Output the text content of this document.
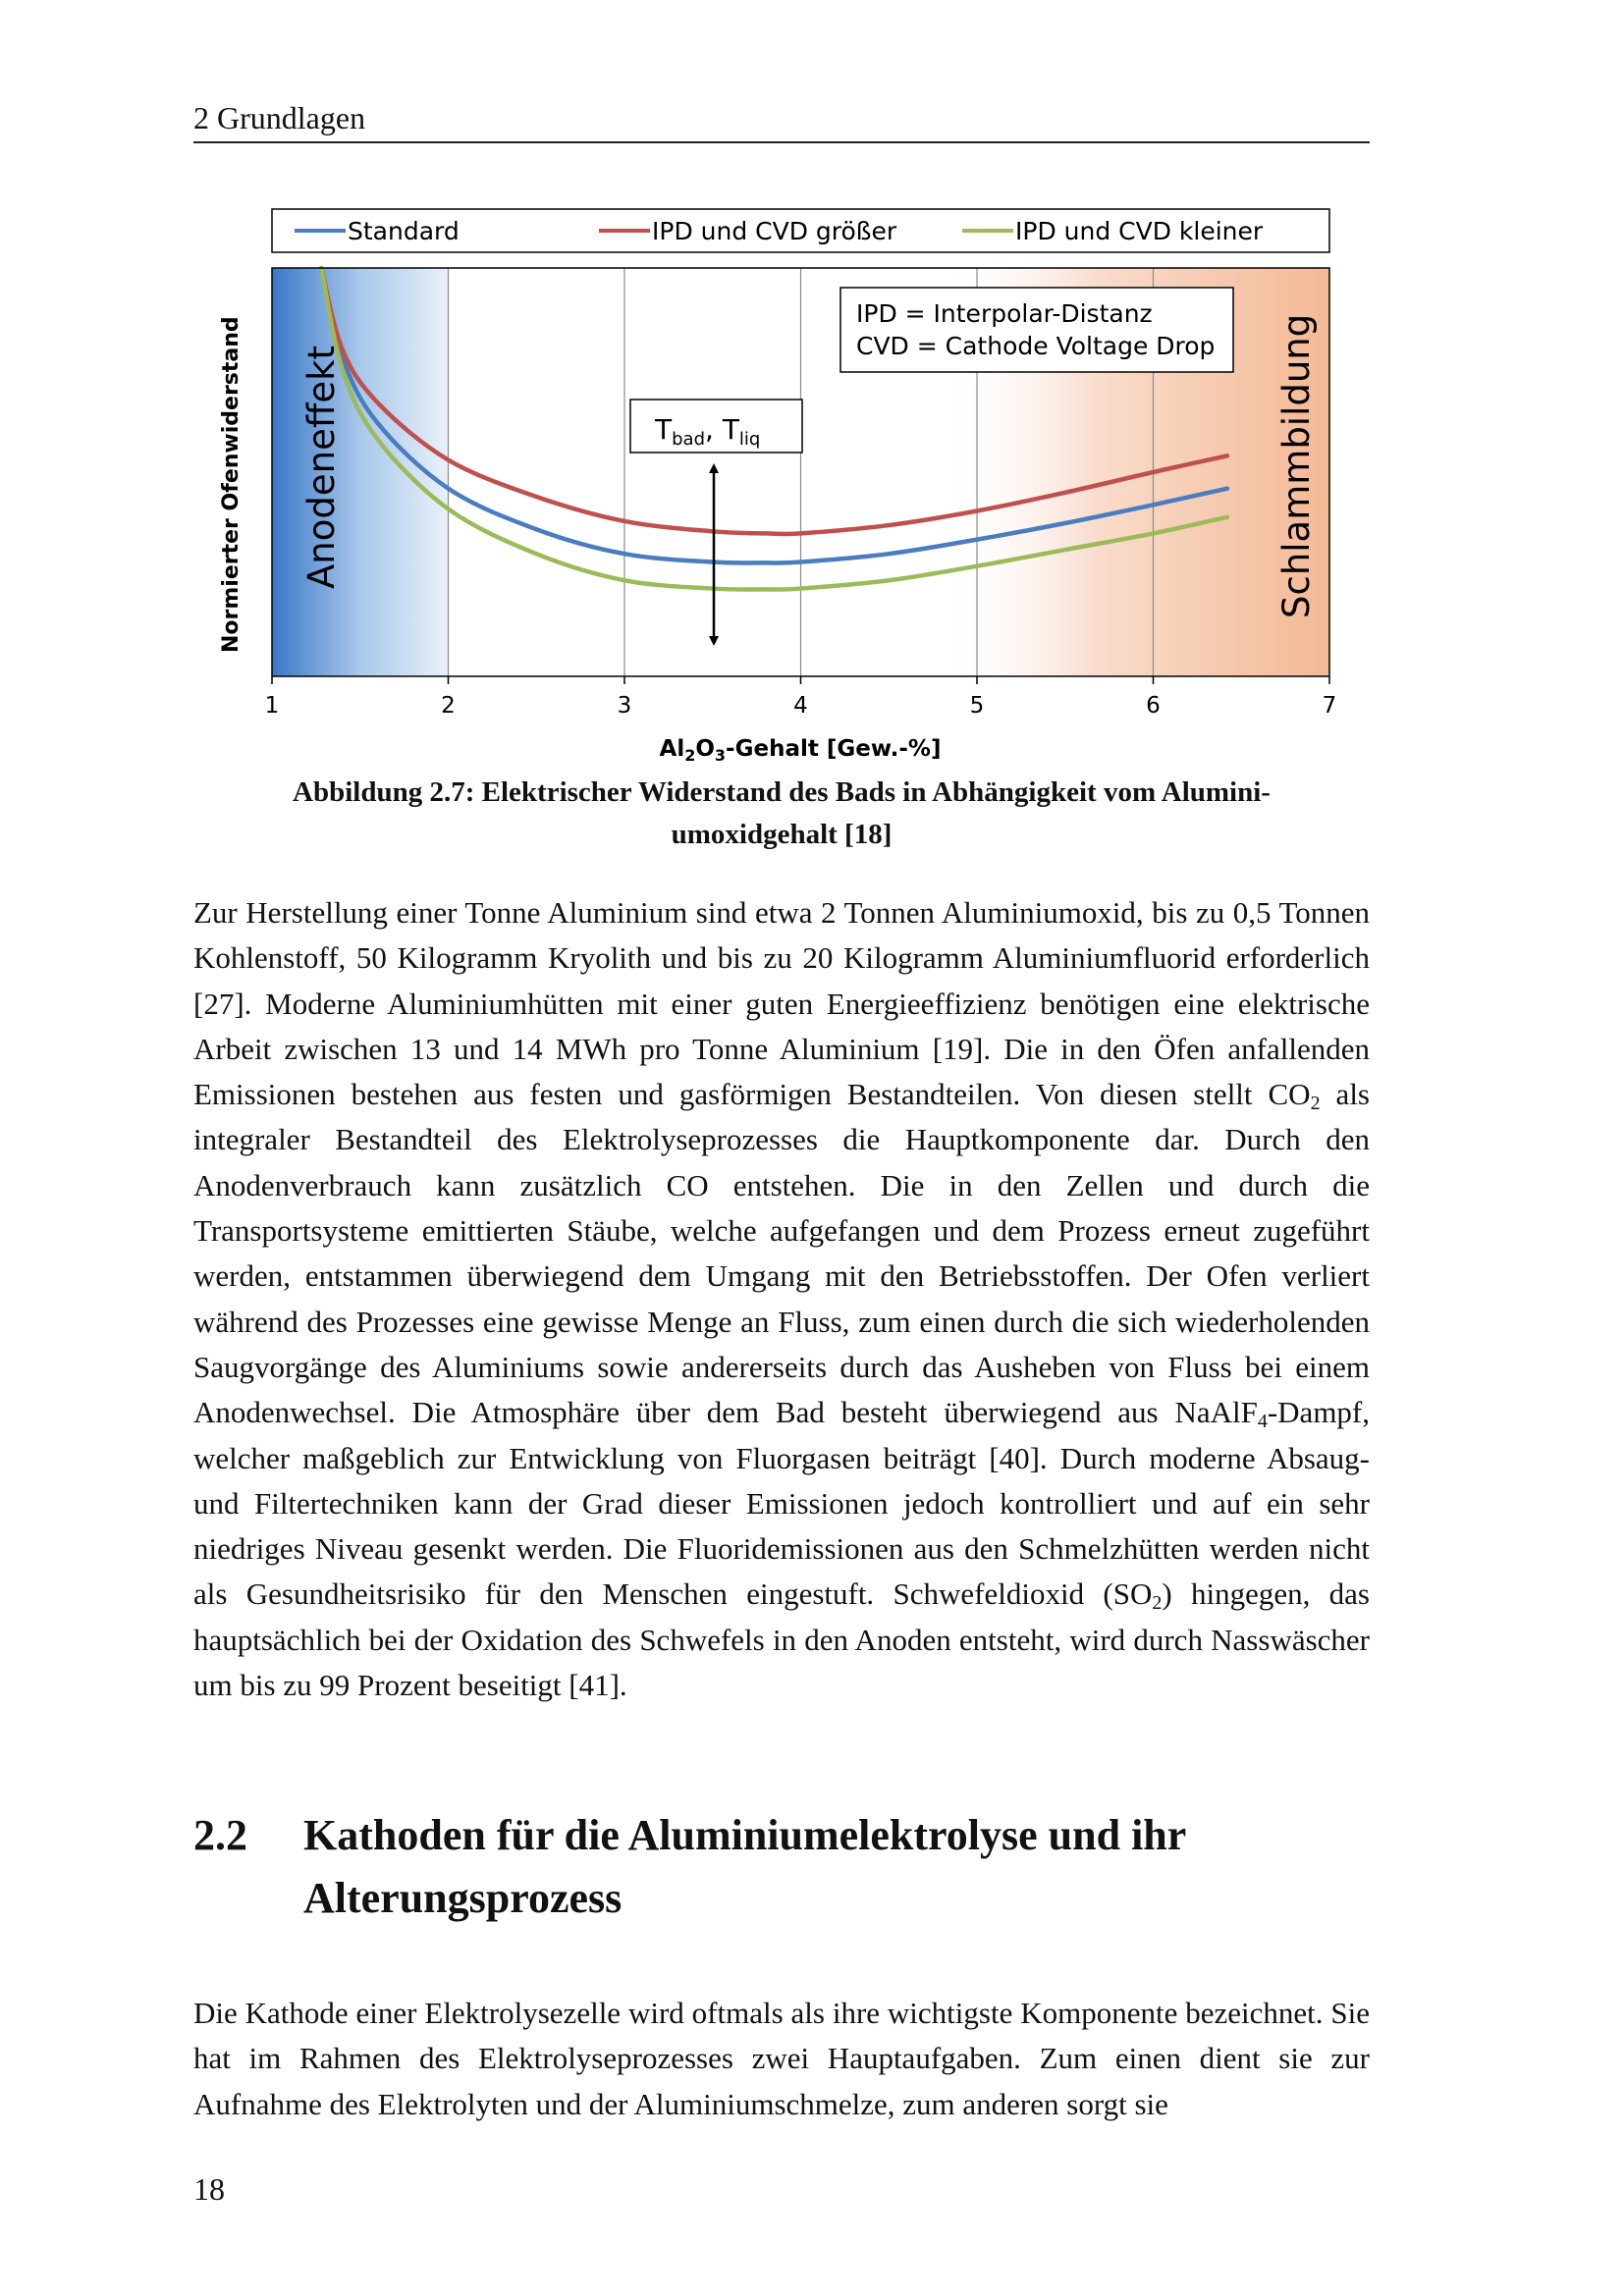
2 Grundlagen
Standard	IPD und CVD größer	IPD und CVD kleiner
Anodeneffekt	Schlammbildung
IPD = Interpolar-Distanz
CVD = Cathode Voltage Drop
$T_{bad}$, $T_{liq}$
1	2	3	4	5	6	7
Normierter Ofenwiderstand
$Al_2O_3$-Gehalt [Gew.-%]
Abbildung 2.7: Elektrischer Widerstand des Bads in Abhängigkeit vom Alumini-
umoxidgehalt [18]

Zur Herstellung einer Tonne Aluminium sind etwa 2 Tonnen Aluminiumoxid, bis zu 0,5 Tonnen Kohlenstoff, 50 Kilogramm Kryolith und bis zu 20 Kilogramm Aluminiumfluorid erforderlich [27]. Moderne Aluminiumhütten mit einer guten Energieeffizienz benötigen eine elektrische Arbeit zwischen 13 und 14 MWh pro Tonne Aluminium [19]. Die in den Öfen anfallenden Emissionen bestehen aus festen und gasförmigen Bestandteilen. Von diesen stellt $CO_2$ als integraler Bestandteil des Elektrolyseprozesses die Hauptkomponente dar. Durch den Anodenverbrauch kann zusätzlich CO entstehen. Die in den Zellen und durch die Transportsysteme emittierten Stäube, welche aufgefangen und dem Prozess erneut zugeführt werden, entstammen überwiegend dem Umgang mit den Betriebsstoffen. Der Ofen verliert während des Prozesses eine gewisse Menge an Fluss, zum einen durch die sich wiederholenden Saugvorgänge des Aluminiums sowie andererseits durch das Ausheben von Fluss bei einem Anodenwechsel. Die Atmosphäre über dem Bad besteht überwiegend aus NaAlF$_4$-Dampf, welcher maßgeblich zur Entwicklung von Fluorgasen beiträgt [40]. Durch moderne Absaug- und Filtertechniken kann der Grad dieser Emissionen jedoch kontrolliert und auf ein sehr niedriges Niveau gesenkt werden. Die Fluoridemissionen aus den Schmelzhütten werden nicht als Gesundheitsrisiko für den Menschen eingestuft. Schwefeldioxid $(SO_2)$ hingegen, das hauptsächlich bei der Oxidation des Schwefels in den Anoden entsteht, wird durch Nasswäscher um bis zu 99 Prozent beseitigt [41].

2.2 Kathoden für die Aluminiumelektrolyse und ihr Alterungsprozess

Die Kathode einer Elektrolysezelle wird oftmals als ihre wichtigste Komponente bezeichnet. Sie hat im Rahmen des Elektrolyseprozesses zwei Hauptaufgaben. Zum einen dient sie zur Aufnahme des Elektrolyten und der Aluminiumschmelze, zum anderen sorgt sie

18
